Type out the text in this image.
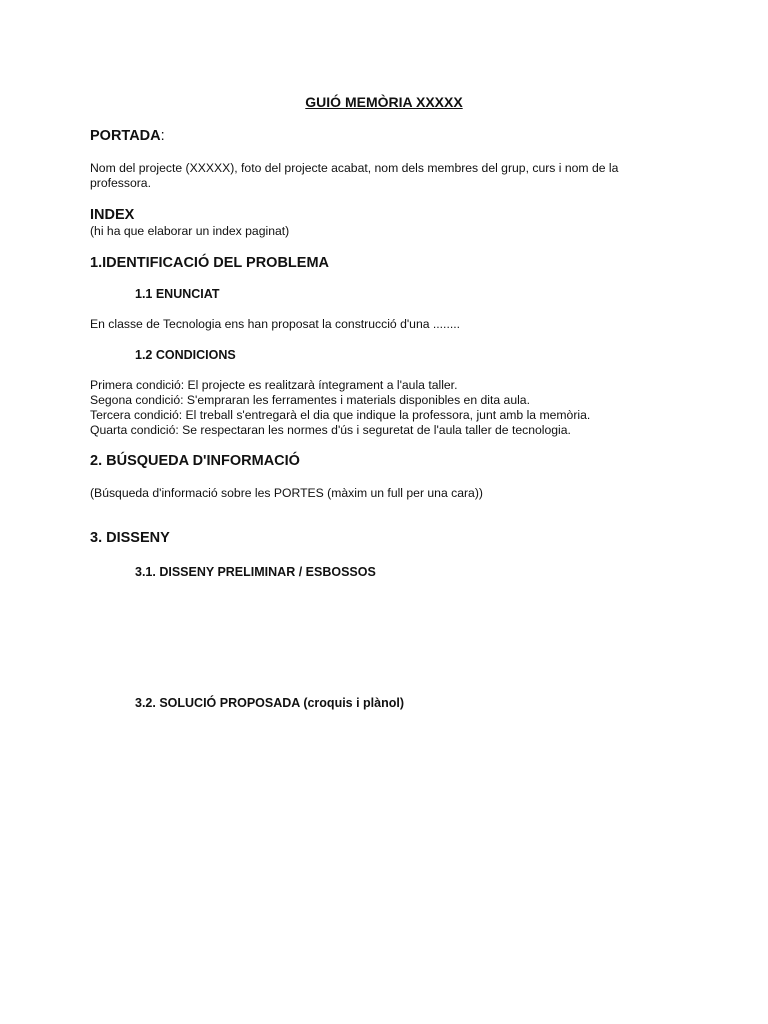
GUIÓ MEMÒRIA XXXXX

PORTADA:

Nom del projecte (XXXXX), foto del projecte acabat, nom dels membres del grup, curs i nom de la professora.

INDEX

(hi ha que elaborar un index paginat)

1.IDENTIFICACIÓ DEL PROBLEMA

1.1 ENUNCIAT

En classe de Tecnologia ens han proposat la construcció d'una ........

1.2 CONDICIONS

Primera condició: El projecte es realitzarà íntegrament a l'aula taller.

Segona condició: S'empraran les ferramentes i materials disponibles en dita aula.

Tercera condició: El treball s'entregarà el dia que indique la professora, junt amb la memòria.

Quarta condició: Se respectaran les normes d'ús i seguretat de l'aula taller de tecnologia.

2. BÚSQUEDA D'INFORMACIÓ

(Búsqueda d'informació sobre les PORTES (màxim un full per una cara))

3. DISSENY

3.1. DISSENY PRELIMINAR / ESBOSSOS

3.2. SOLUCIÓ PROPOSADA (croquis i plànol)
